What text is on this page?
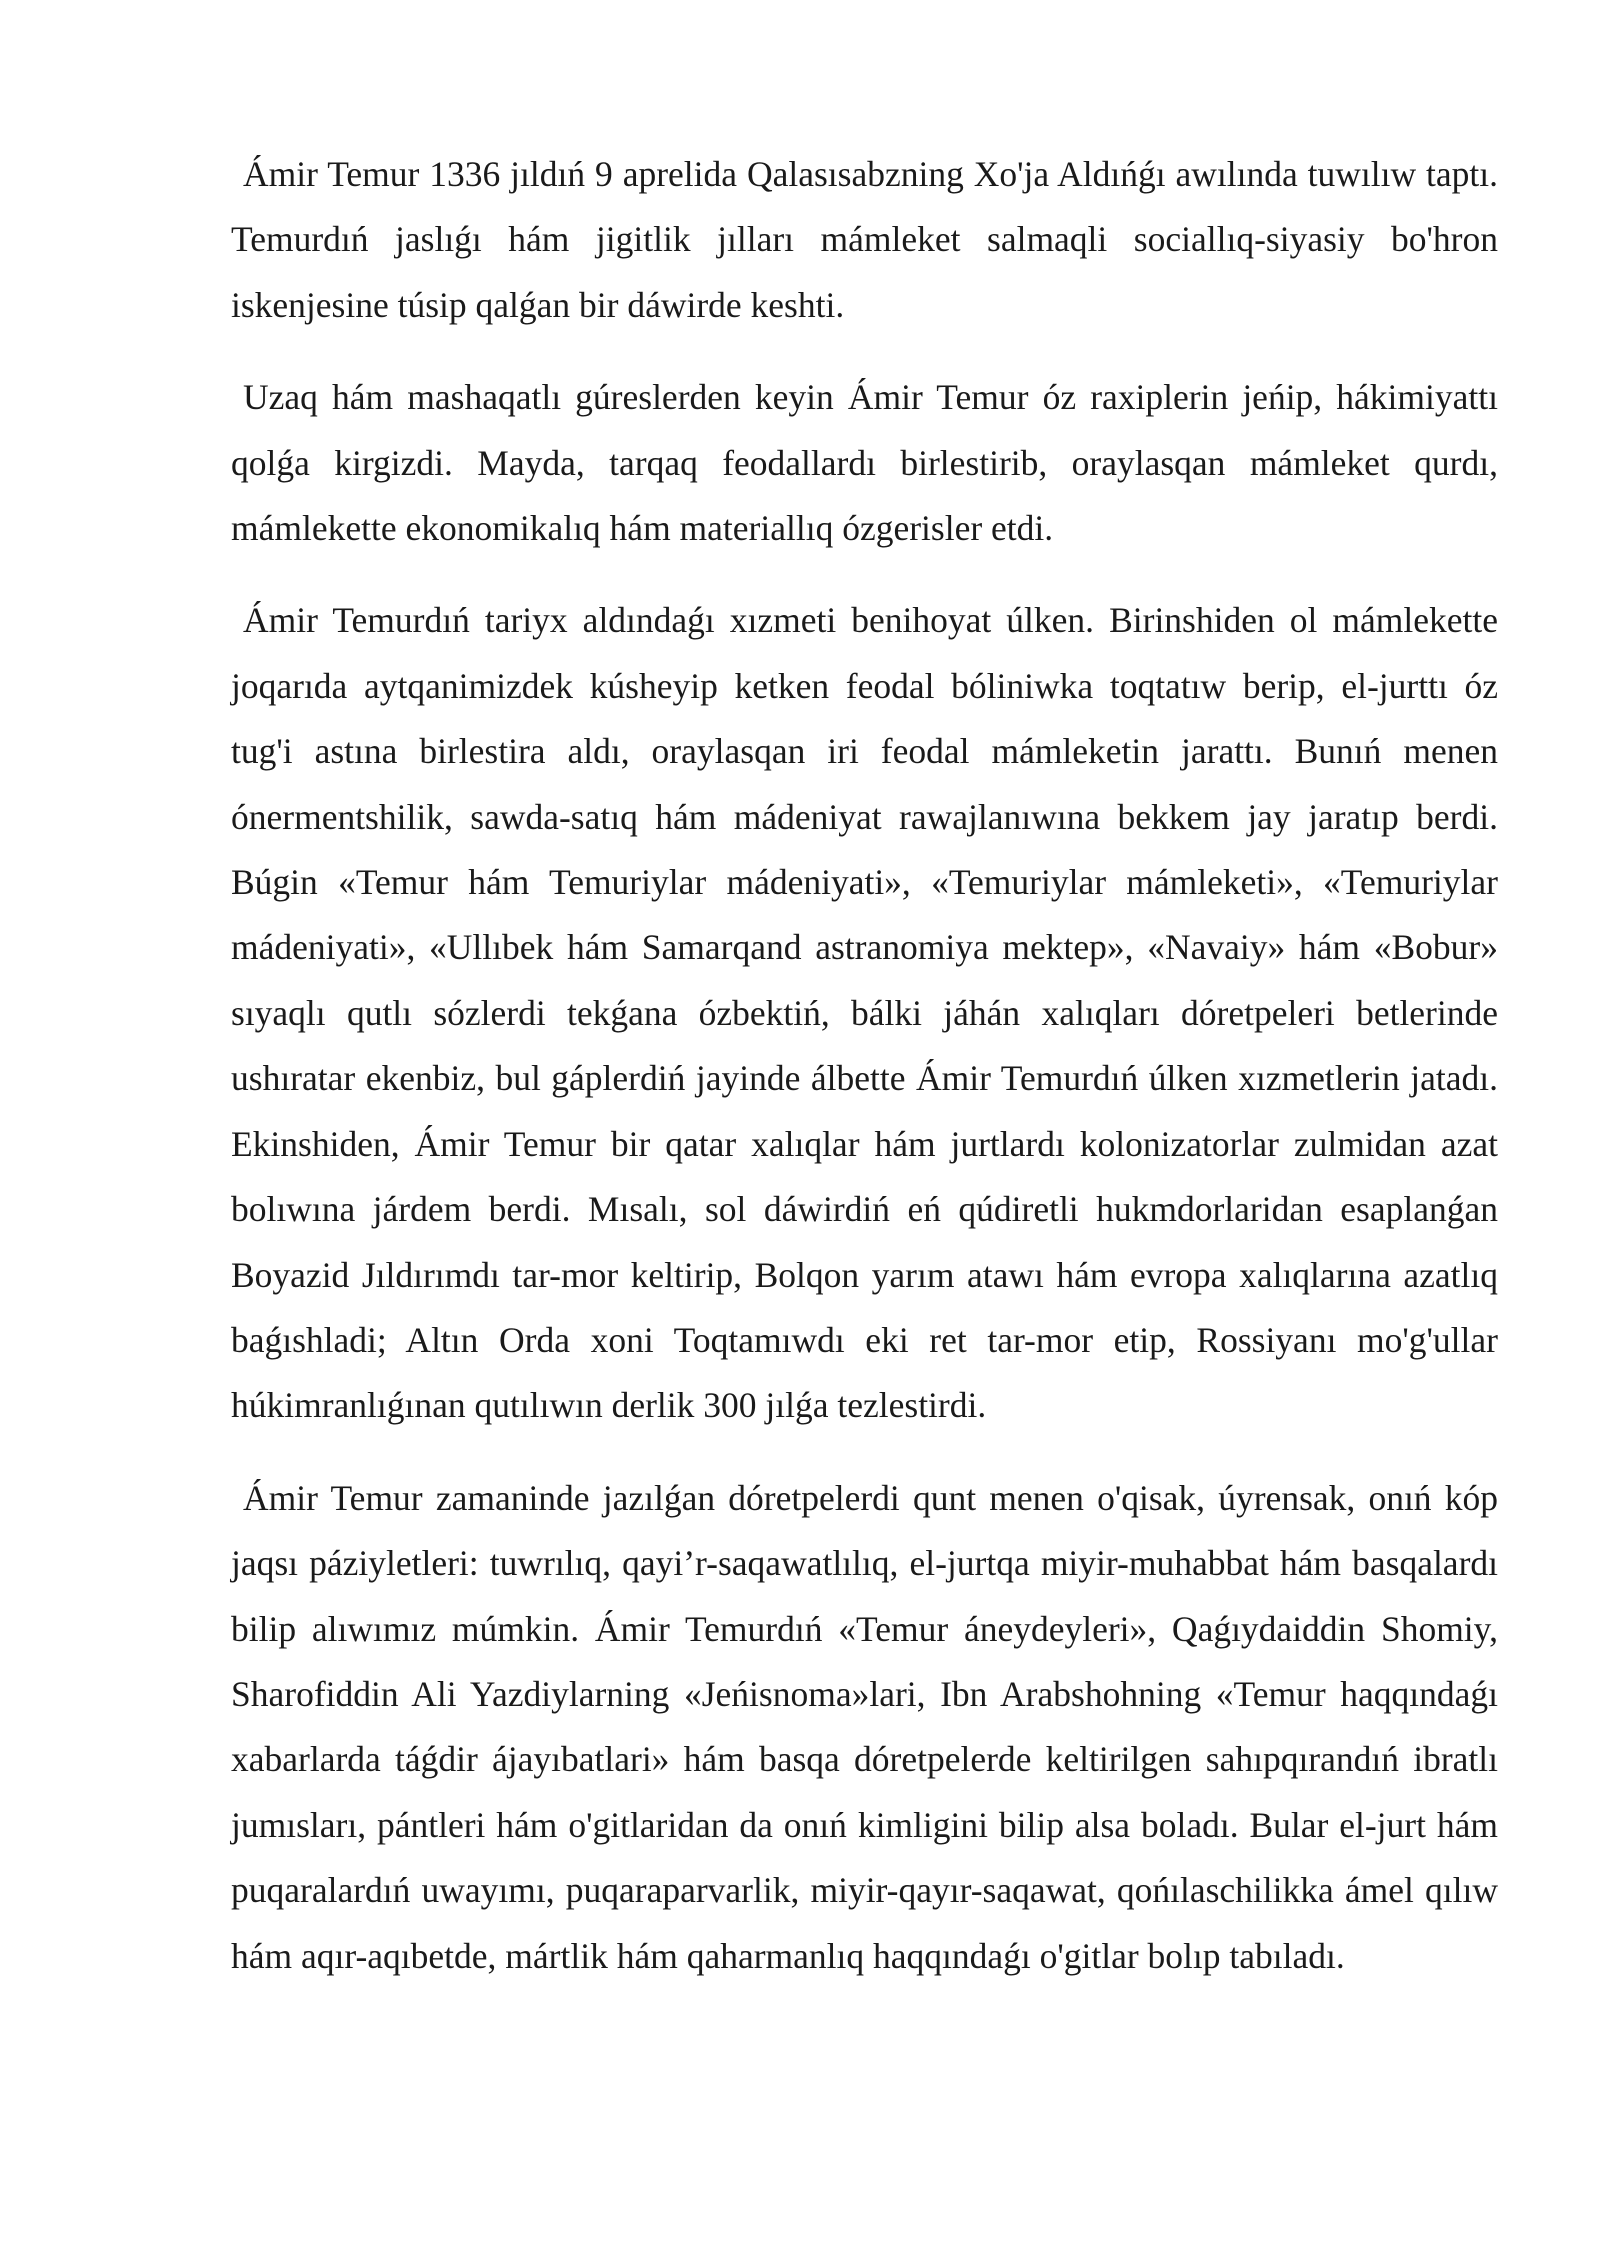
Ámir Temur 1336 jıldıń 9 aprelida Qalasısabzning Xo'ja Aldıńǵı awılında tuwılıw taptı. Temurdıń jaslıǵı hám jigitlik jılları mámleket salmaqli sociallıq-siyasiy bo'hron iskenjesine túsip qalǵan bir dáwirde keshti.

Uzaq hám mashaqatlı gúreslerden keyin Ámir Temur óz raxiplerin jeńip, hákimiyattı qolǵa kirgizdi. Mayda, tarqaq feodallardı birlestirib, oraylasqan mámleket qurdı, mámlekette ekonomikalıq hám materiallıq ózgerisler etdi.

Ámir Temurdıń tariyx aldındaǵı xızmeti benihoyat úlken. Birinshiden ol mámlekette joqarıda aytqanimizdek kúsheyip ketken feodal bóliniwka toqtatıw berip, el-jurttı óz tug'i astına birlestira aldı, oraylasqan iri feodal mámleketin jarattı. Bunıń menen ónermentshilik, sawda-satıq hám mádeniyat rawajlanıwına bekkem jay jaratıp berdi. Búgin «Temur hám Temuriylar mádeniyati», «Temuriylar mámleketi», «Temuriylar mádeniyati», «Ullıbek hám Samarqand astranomiya mektep», «Navaiy» hám «Bobur» sıyaqlı qutlı sózlerdi tekǵana ózbektiń, bálki jáhán xalıqları dóretpeleri betlerinde ushıratar ekenbiz, bul gáplerdiń jayinde álbette Ámir Temurdıń úlken xızmetlerin jatadı. Ekinshiden, Ámir Temur bir qatar xalıqlar hám jurtlardı kolonizatorlar zulmidan azat bolıwına járdem berdi. Mısalı, sol dáwirdiń eń qúdiretli hukmdorlaridan esaplanǵan Boyazid Jıldırımdı tar-mor keltirip, Bolqon yarım atawı hám evropa xalıqlarına azatlıq baǵıshladi; Altın Orda xoni Toqtamıwdı eki ret tar-mor etip, Rossiyanı mo'g'ullar húkimranlıǵınan qutılıwın derlik 300 jılǵa tezlestirdi.

Ámir Temur zamaninde jazılǵan dóretpelerdi qunt menen o'qisak, úyrensak, onıń kóp jaqsı páziyletleri: tuwrılıq, qayi’r-saqawatlılıq, el-jurtqa miyir-muhabbat hám basqalardı bilip alıwımız múmkin. Ámir Temurdıń «Temur áneydeyleri», Qaǵıydaiddin Shomiy, Sharofiddin Ali Yazdiylarning «Jeńisnoma»lari, Ibn Arabshohning «Temur haqqındaǵı xabarlarda táǵdir ájayıbatlari» hám basqa dóretpelerde keltirilgen sahıpqırandıń ibratlı jumısları, pántleri hám o'gitlaridan da onıń kimligini bilip alsa boladı. Bular el-jurt hám puqaralardıń uwayımı, puqaraparvarlik, miyir-qayır-saqawat, qońılaschilikka ámel qılıw hám aqır-aqıbetde, mártlik hám qaharmanlıq haqqındaǵı o'gitlar bolıp tabıladı.
